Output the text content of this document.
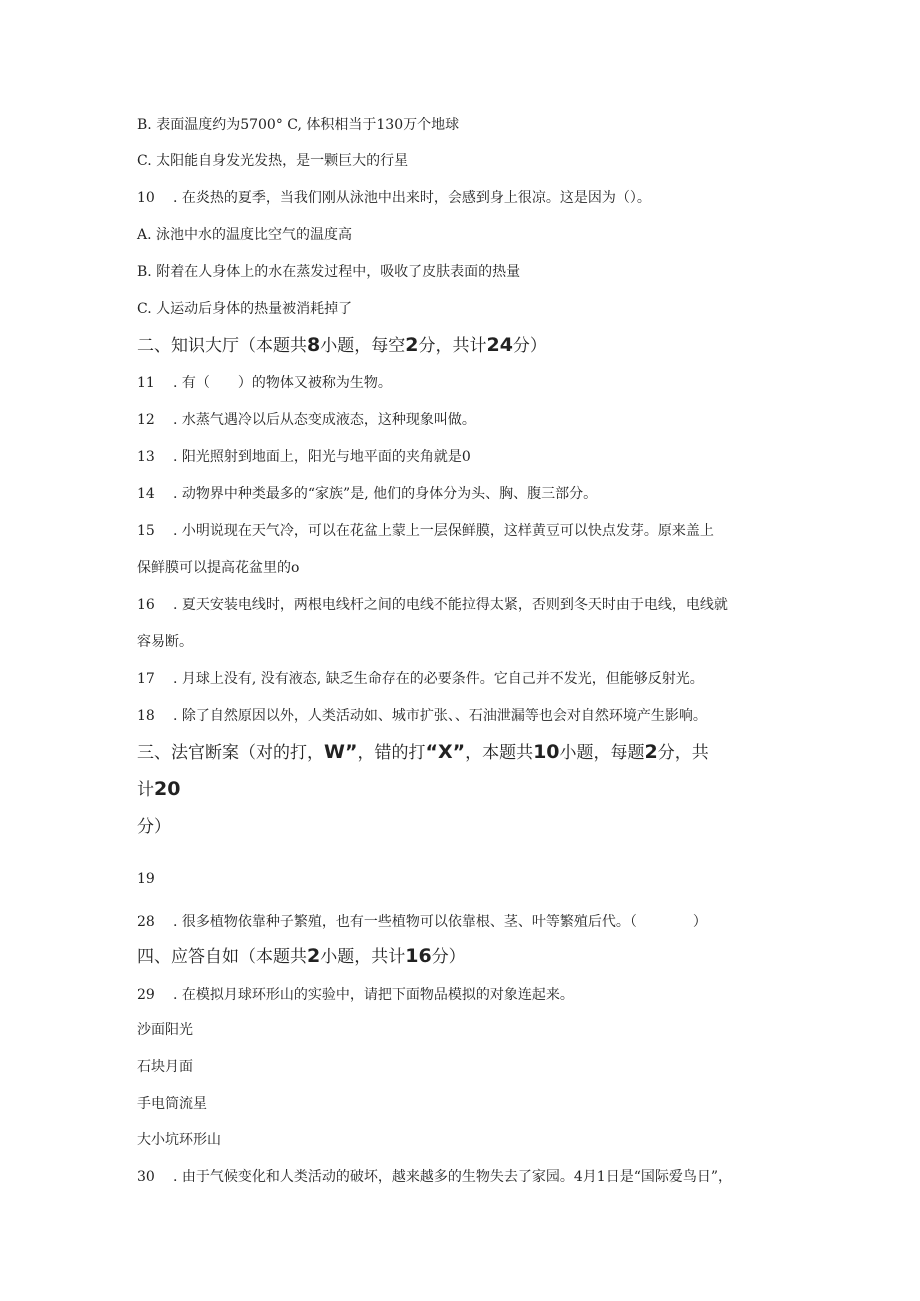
B. 表面温度约为5700° C, 体积相当于130万个地球
C. 太阳能自身发光发热，是一颗巨大的行星
10 . 在炎热的夏季，当我们刚从泳池中出来时，会感到身上很凉。这是因为（）。
A. 泳池中水的温度比空气的温度高
B. 附着在人身体上的水在蒸发过程中，吸收了皮肤表面的热量
C. 人运动后身体的热量被消耗掉了
二、知识大厅（本题共8小题，每空2分，共计24分）
11 . 有（　　）的物体又被称为生物。
12 . 水蒸气遇冷以后从态变成液态，这种现象叫做。
13 . 阳光照射到地面上，阳光与地平面的夹角就是0
14 . 动物界中种类最多的“家族”是, 他们的身体分为头、胸、腹三部分。
15 . 小明说现在天气冷，可以在花盆上蒙上一层保鲜膜，这样黄豆可以快点发芽。原来盖上
保鲜膜可以提高花盆里的o
16 . 夏天安装电线时，两根电线杆之间的电线不能拉得太紧，否则到冬天时由于电线，电线就
容易断。
17 . 月球上没有, 没有液态, 缺乏生命存在的必要条件。它自己并不发光，但能够反射光。
18 . 除了自然原因以外，人类活动如、城市扩张、、石油泄漏等也会对自然环境产生影响。
三、法官断案（对的打，W”，错的打“X”，本题共10小题，每题2分，共
计20
分）
19
28 . 很多植物依靠种子繁殖，也有一些植物可以依靠根、茎、叶等繁殖后代。（　　　　）
四、应答自如（本题共2小题，共计16分）
29 . 在模拟月球环形山的实验中，请把下面物品模拟的对象连起来。
沙面阳光
石块月面
手电筒流星
大小坑环形山
30 . 由于气候变化和人类活动的破坏，越来越多的生物失去了家园。4月1日是“国际爱鸟日”，
